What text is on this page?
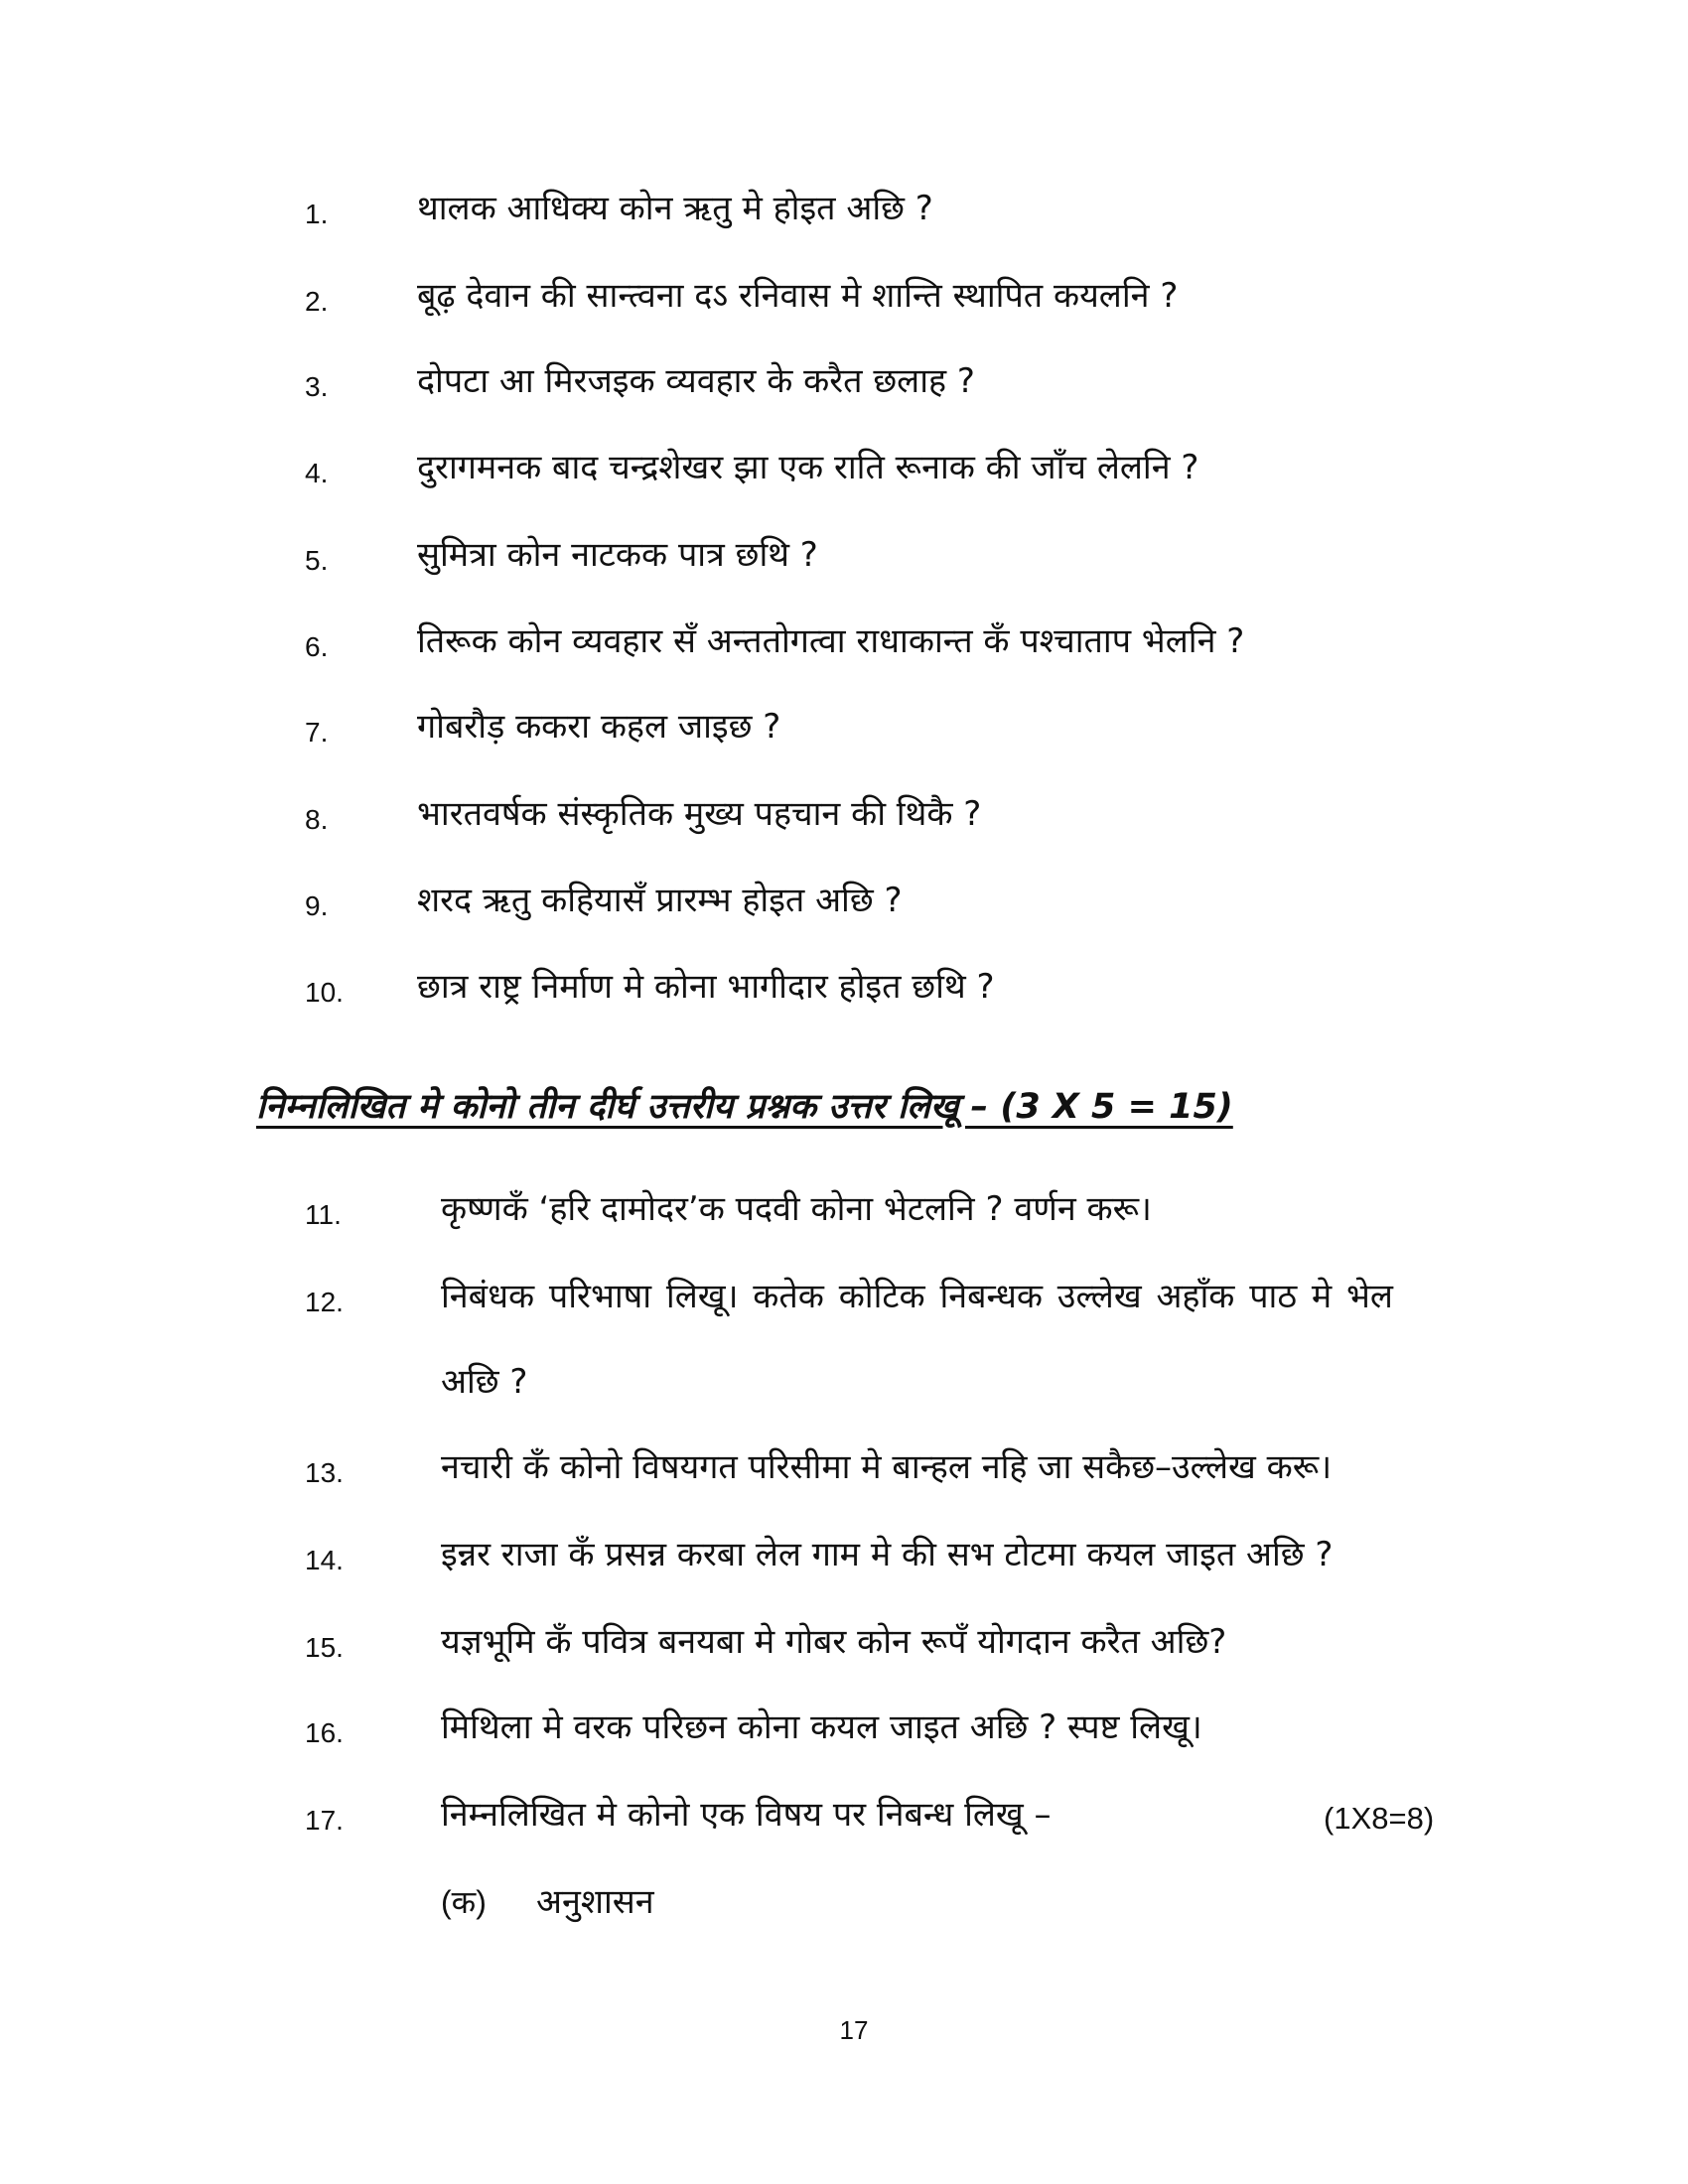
1.	थालक आधिक्य कोन ऋतु मे होइत अछि ?
2.	बूढ़ देवान की सान्त्वना दऽ रनिवास मे शान्ति स्थापित कयलनि ?
3.	दोपटा आ मिरजइक व्यवहार के करैत छलाह ?
4.	दुरागमनक बाद चन्द्रशेखर झा एक राति रूनाक की जाँच लेलनि ?
5.	सुमित्रा कोन नाटकक पात्र छथि ?
6.	तिरूक कोन व्यवहार सँ अन्ततोगत्वा राधाकान्त कँ पश्चाताप भेलनि ?
7.	गोबरौड़ ककरा कहल जाइछ ?
8.	भारतवर्षक संस्कृतिक मुख्य पहचान की थिकै ?
9.	शरद ऋतु कहियासँ प्रारम्भ होइत अछि ?
10. छात्र राष्ट्र निर्माण मे कोना भागीदार होइत छथि ?
निम्नलिखित मे कोनो तीन दीर्घ उत्तरीय प्रश्नक उत्तर लिखू – (3 X 5 = 15)
11.	कृष्णकँ ‘हरि दामोदर’क पदवी कोना भेटलनि ? वर्णन करू।
12.	निबंधक परिभाषा लिखू। कतेक कोटिक निबन्धक उल्लेख अहाँक पाठ मे भेल
अछि ?
13.	नचारी कँ कोनो विषयगत परिसीमा मे बान्हल नहि जा सकैछ–उल्लेख करू।
14.	इन्नर राजा कँ प्रसन्न करबा लेल गाम मे की सभ टोटमा कयल जाइत अछि ?
15.	यज्ञभूमि कँ पवित्र बनयबा मे गोबर कोन रूपँ योगदान करैत अछि?
16.	मिथिला मे वरक परिछन कोना कयल जाइत अछि ? स्पष्ट लिखू।
17.	निम्नलिखित मे कोनो एक विषय पर निबन्ध लिखू –	(1X8=8)
(क) अनुशासन
17
